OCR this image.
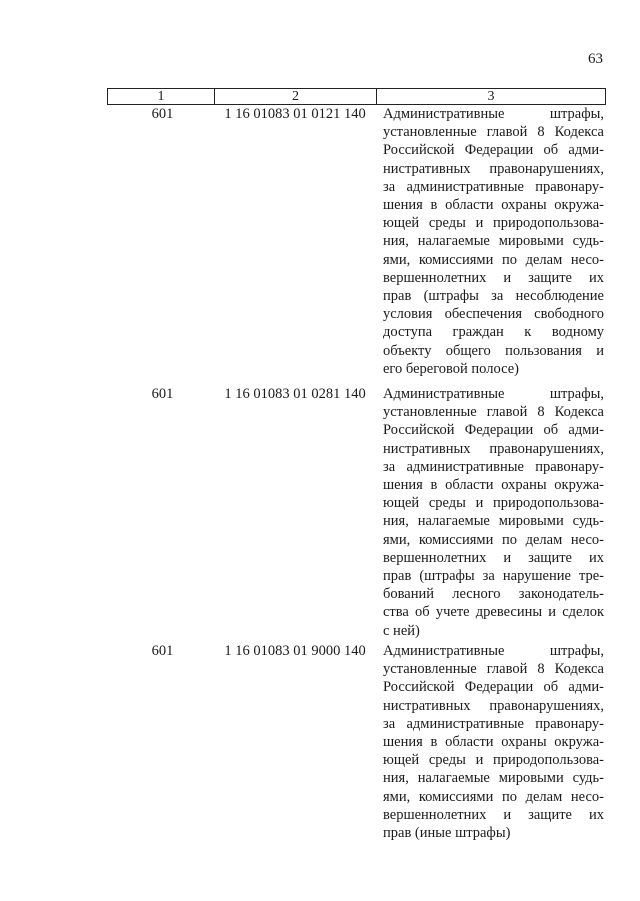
63
1	2	3
601	1 16 01083 01 0121 140	Административные штрафы,
установленные главой 8 Кодекса
Российской Федерации об адми-
нистративных правонарушениях,
за административные правонару-
шения в области охраны окружа-
ющей среды и природопользова-
ния, налагаемые мировыми судь-
ями, комиссиями по делам несо-
вершеннолетних и защите их
прав (штрафы за несоблюдение
условия обеспечения свободного
доступа граждан к водному
объекту общего пользования и
его береговой полосе)
601	1 16 01083 01 0281 140	Административные штрафы,
установленные главой 8 Кодекса
Российской Федерации об адми-
нистративных правонарушениях,
за административные правонару-
шения в области охраны окружа-
ющей среды и природопользова-
ния, налагаемые мировыми судь-
ями, комиссиями по делам несо-
вершеннолетних и защите их
прав (штрафы за нарушение тре-
бований лесного законодатель-
ства об учете древесины и сделок
с ней)
601	1 16 01083 01 9000 140	Административные штрафы,
установленные главой 8 Кодекса
Российской Федерации об адми-
нистративных правонарушениях,
за административные правонару-
шения в области охраны окружа-
ющей среды и природопользова-
ния, налагаемые мировыми судь-
ями, комиссиями по делам несо-
вершеннолетних и защите их
прав (иные штрафы)
